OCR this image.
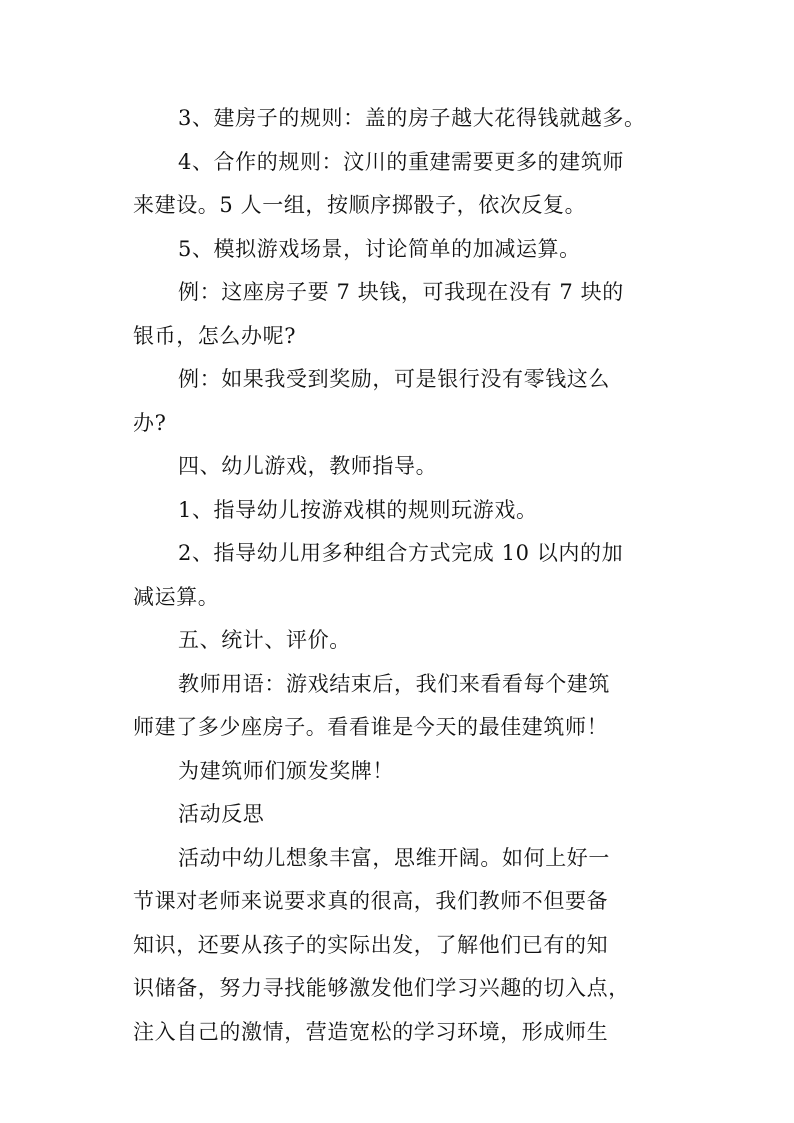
3、建房子的规则：盖的房子越大花得钱就越多。
4、合作的规则：汶川的重建需要更多的建筑师
来建设。5 人一组，按顺序掷骰子，依次反复。
5、模拟游戏场景，讨论简单的加减运算。
例：这座房子要 7 块钱，可我现在没有 7 块的
银币，怎么办呢?
例：如果我受到奖励，可是银行没有零钱这么
办?
四、幼儿游戏，教师指导。
1、指导幼儿按游戏棋的规则玩游戏。
2、指导幼儿用多种组合方式完成 10 以内的加
减运算。
五、统计、评价。
教师用语：游戏结束后，我们来看看每个建筑
师建了多少座房子。看看谁是今天的最佳建筑师！
为建筑师们颁发奖牌！
活动反思
活动中幼儿想象丰富，思维开阔。如何上好一
节课对老师来说要求真的很高，我们教师不但要备
知识，还要从孩子的实际出发，了解他们已有的知
识储备，努力寻找能够激发他们学习兴趣的切入点，
注入自己的激情，营造宽松的学习环境，形成师生
